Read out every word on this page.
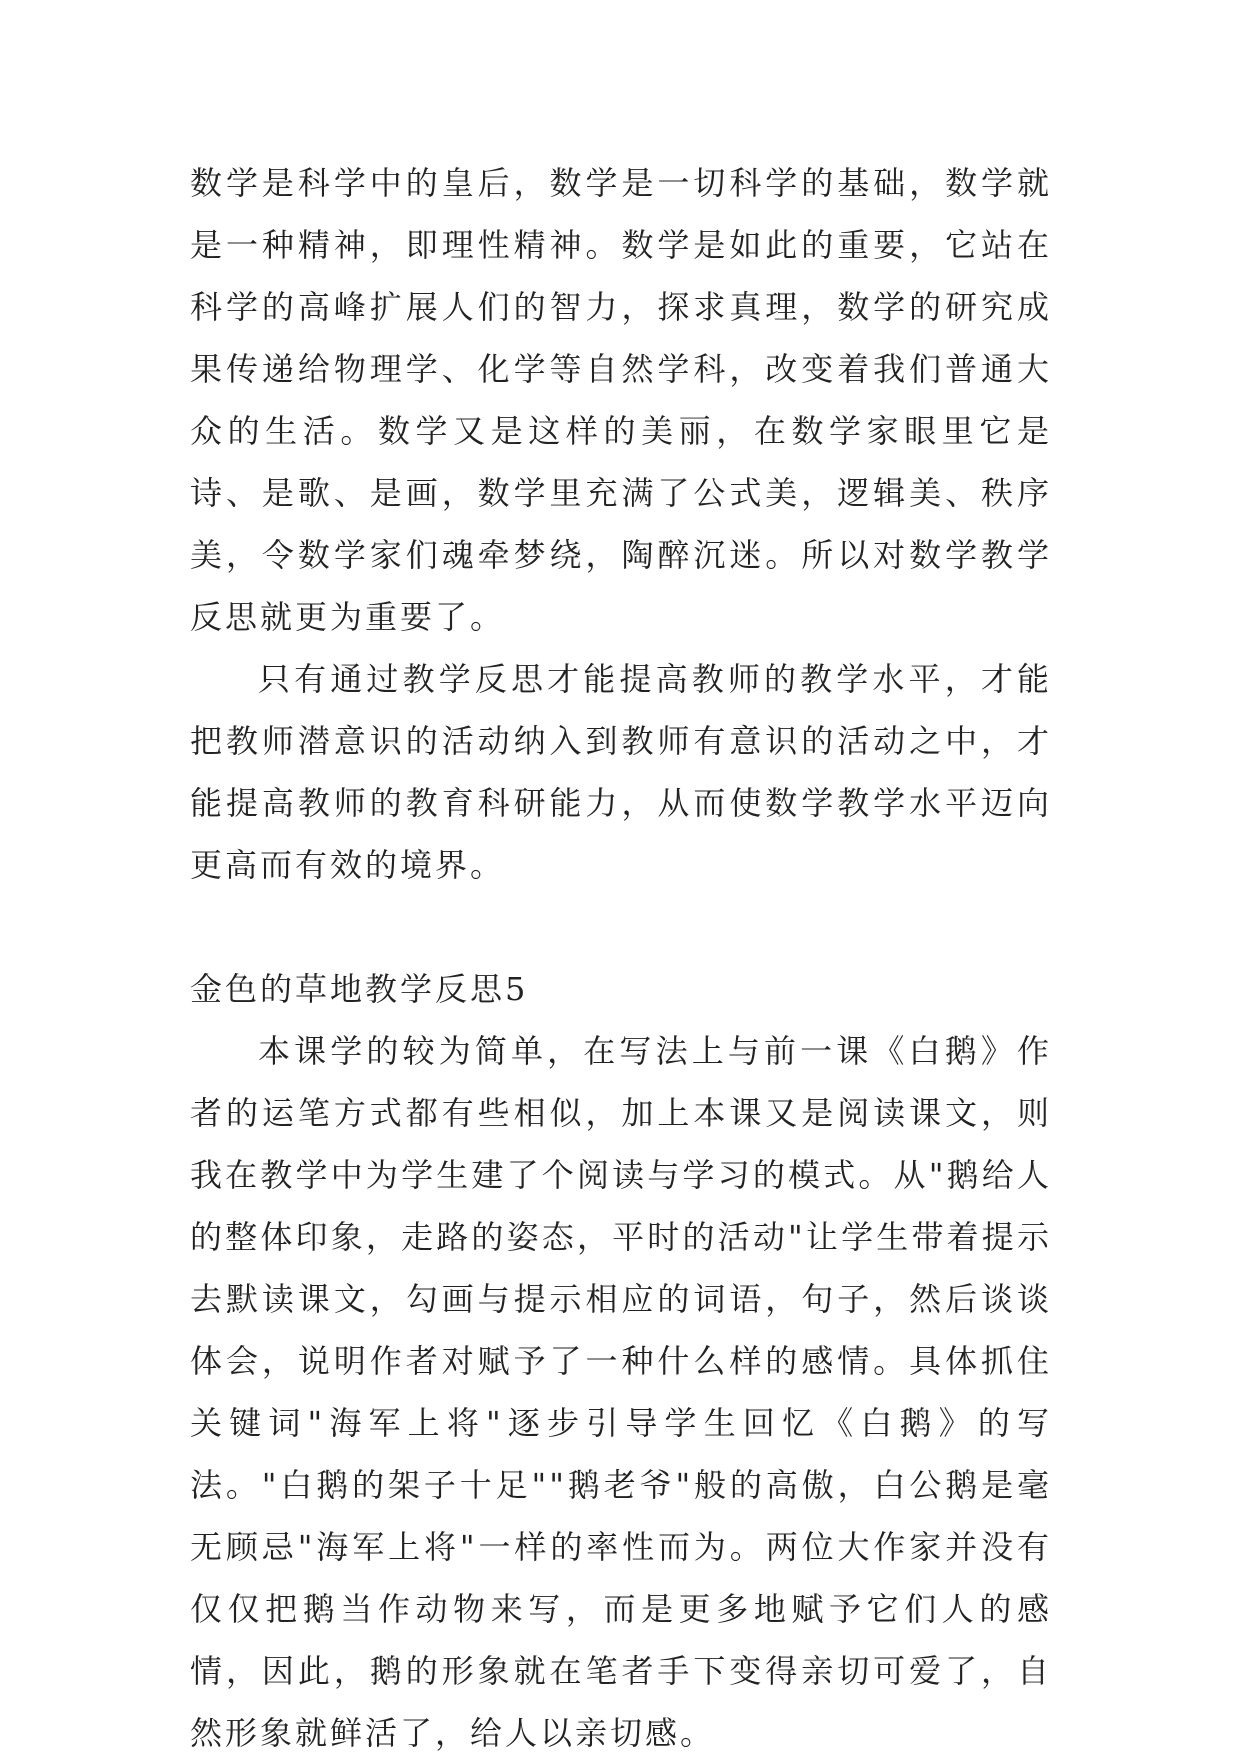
数学是科学中的皇后，数学是一切科学的基础，数学就是一种精神，即理性精神。数学是如此的重要，它站在科学的高峰扩展人们的智力，探求真理，数学的研究成果传递给物理学、化学等自然学科，改变着我们普通大众的生活。数学又是这样的美丽，在数学家眼里它是诗、是歌、是画，数学里充满了公式美，逻辑美、秩序美，令数学家们魂牵梦绕，陶醉沉迷。所以对数学教学反思就更为重要了。

只有通过教学反思才能提高教师的教学水平，才能把教师潜意识的活动纳入到教师有意识的活动之中，才能提高教师的教育科研能力，从而使数学教学水平迈向更高而有效的境界。

金色的草地教学反思5

本课学的较为简单，在写法上与前一课《白鹅》作者的运笔方式都有些相似，加上本课又是阅读课文，则我在教学中为学生建了个阅读与学习的模式。从"鹅给人的整体印象，走路的姿态，平时的活动"让学生带着提示去默读课文，勾画与提示相应的词语，句子，然后谈谈体会，说明作者对赋予了一种什么样的感情。具体抓住关键词"海军上将"逐步引导学生回忆《白鹅》的写法。"白鹅的架子十足""鹅老爷"般的高傲，白公鹅是毫无顾忌"海军上将"一样的率性而为。两位大作家并没有仅仅把鹅当作动物来写，而是更多地赋予它们人的感情，因此，鹅的形象就在笔者手下变得亲切可爱了，自然形象就鲜活了，给人以亲切感。
